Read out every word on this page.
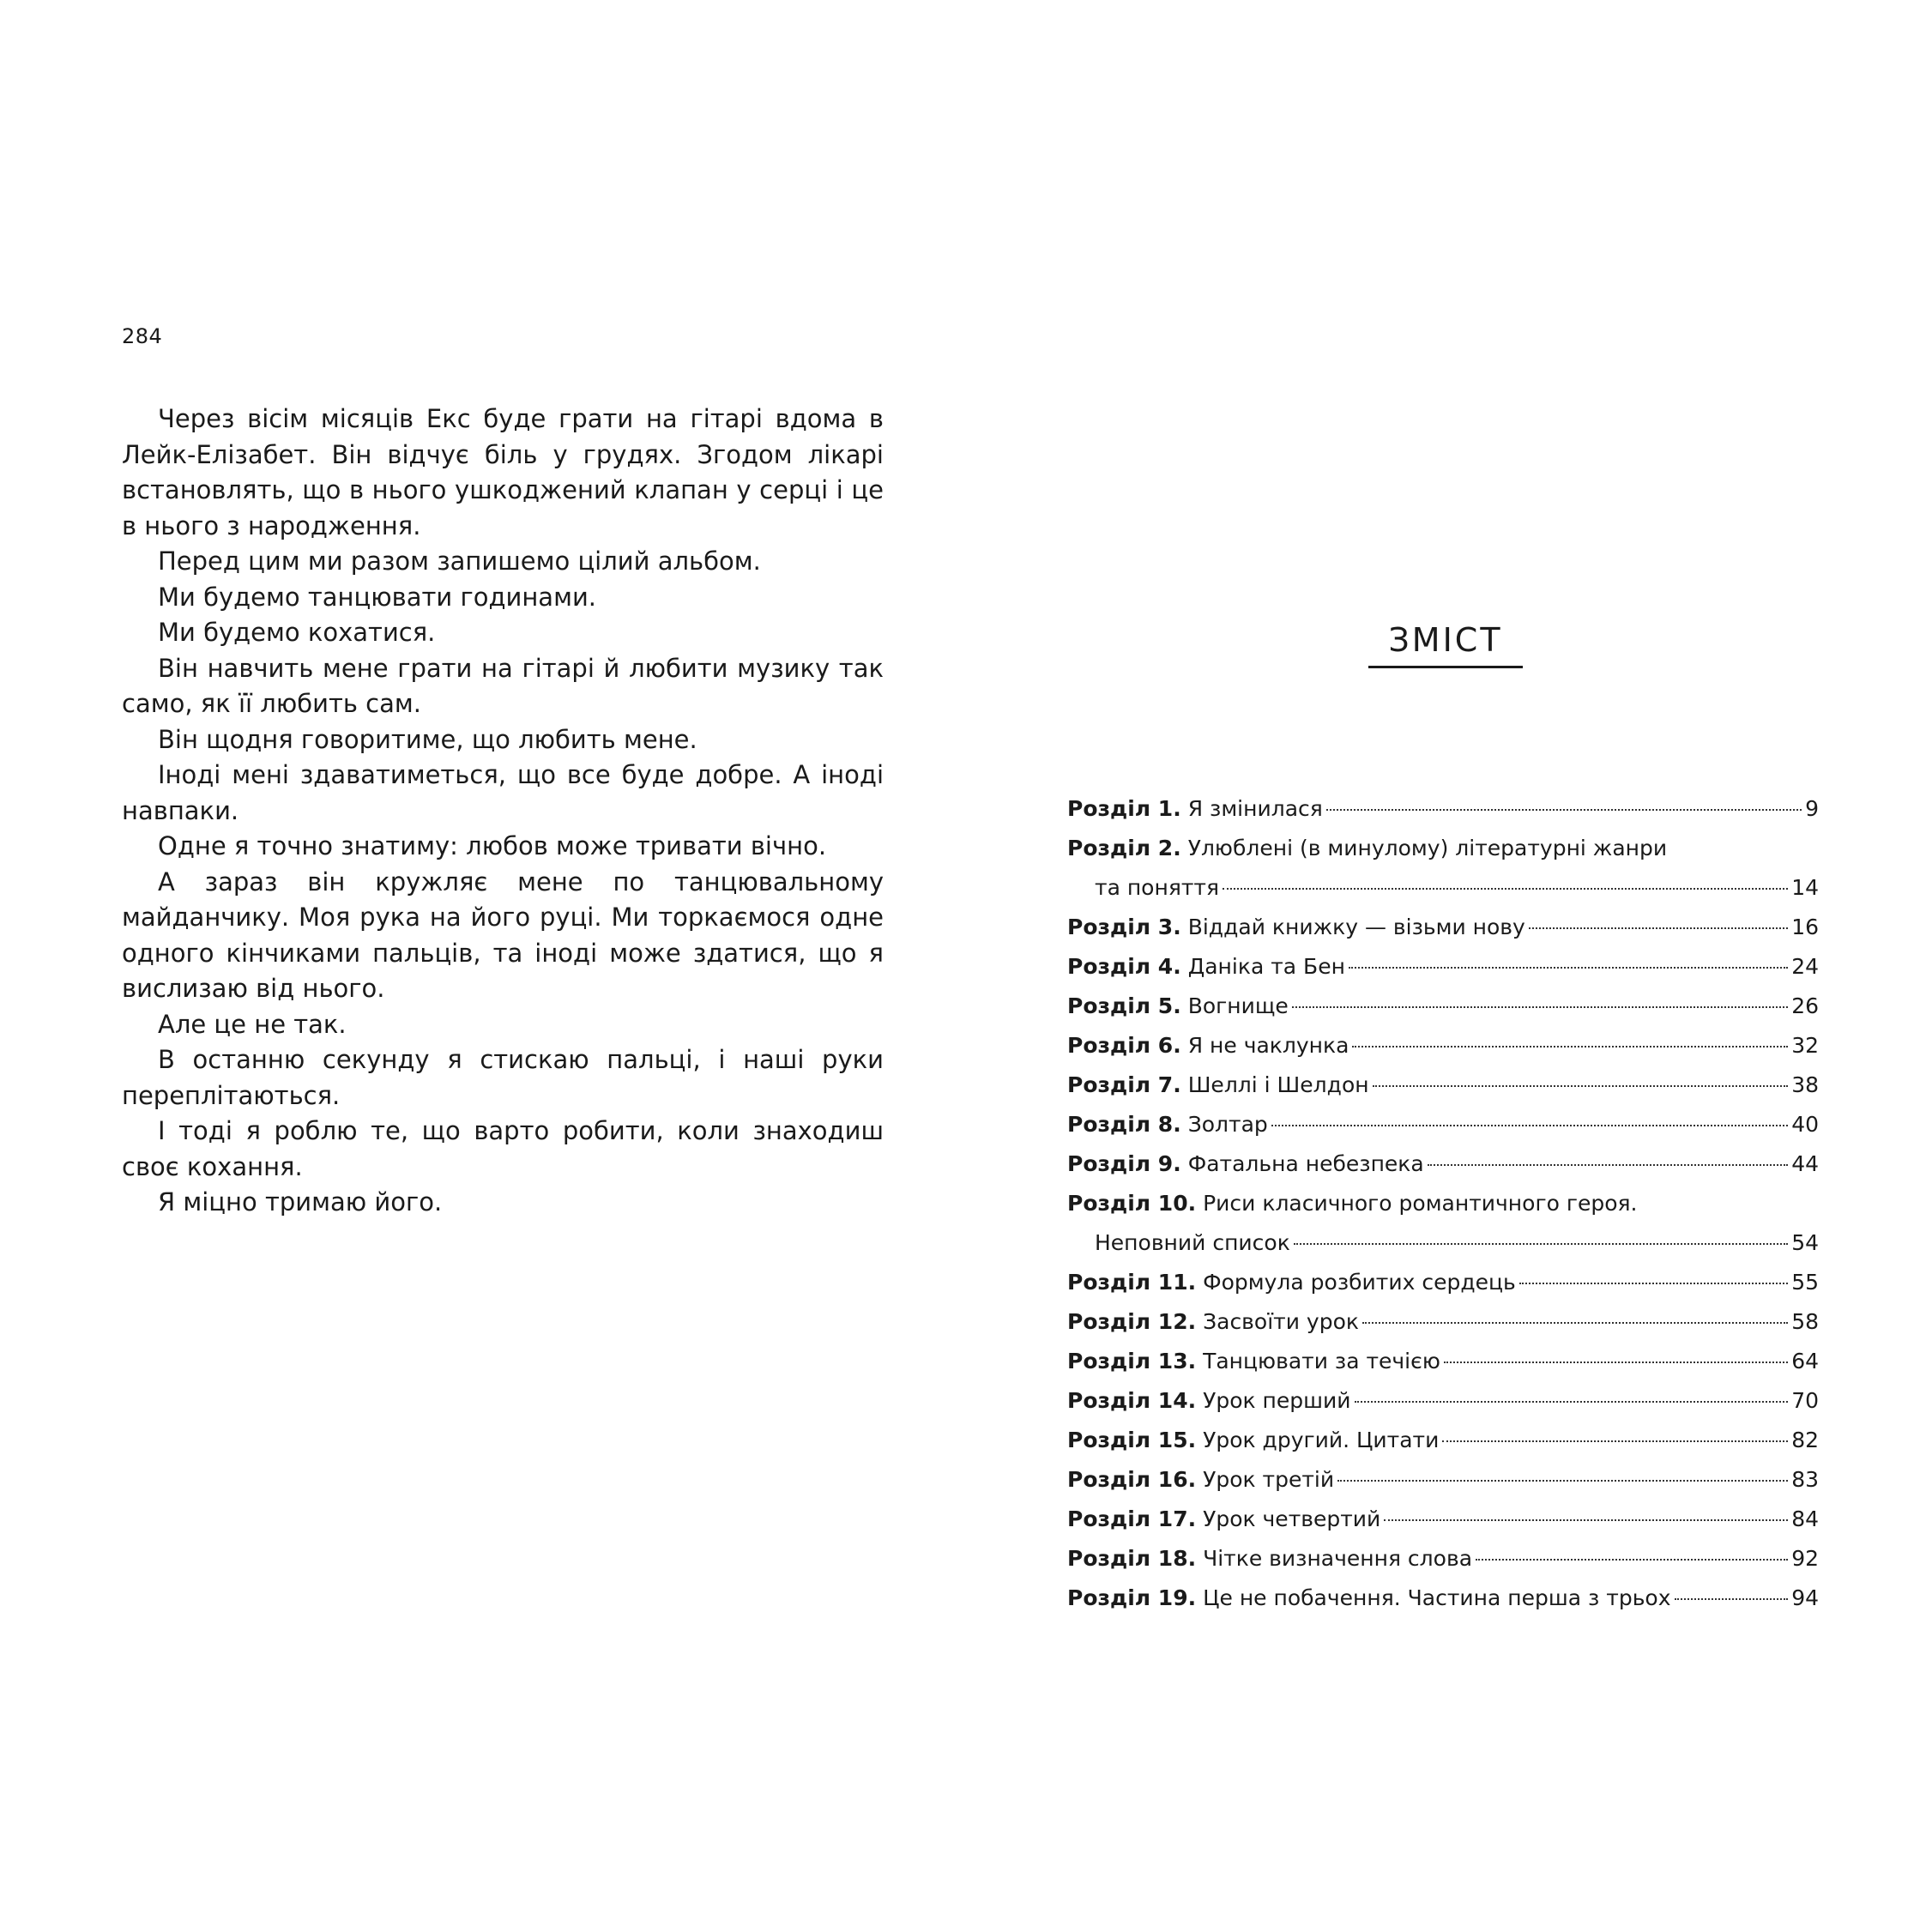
284

Через вісім місяців Екс буде грати на гітарі вдома в Лейк-Елізабет. Він відчує біль у грудях. Згодом лікарі встановлять, що в нього ушкоджений клапан у серці і це в нього з народження.

Перед цим ми разом запишемо цілий альбом.

Ми будемо танцювати годинами.

Ми будемо кохатися.

Він навчить мене грати на гітарі й любити музику так само, як її любить сам.

Він щодня говоритиме, що любить мене.

Іноді мені здаватиметься, що все буде добре. А іноді навпаки.

Одне я точно знатиму: любов може тривати вічно.

А зараз він кружляє мене по танцювальному майданчику. Моя рука на його руці. Ми торкаємося одне одного кінчиками пальців, та іноді може здатися, що я вислизаю від нього.

Але це не так.

В останню секунду я стискаю пальці, і наші руки переплітаються.

І тоді я роблю те, що варто робити, коли знаходиш своє кохання.

Я міцно тримаю його.

ЗМІСТ
Розділ 1. Я змінилася	9
Розділ 2. Улюблені (в минулому) літературні жанри
та поняття	14
Розділ 3. Віддай книжку — візьми нову	16
Розділ 4. Даніка та Бен	24
Розділ 5. Вогнище	26
Розділ 6. Я не чаклунка	32
Розділ 7. Шеллі і Шелдон	38
Розділ 8. Золтар	40
Розділ 9. Фатальна небезпека	44
Розділ 10. Риси класичного романтичного героя.
Неповний список	54
Розділ 11. Формула розбитих сердець	55
Розділ 12. Засвоїти урок	58
Розділ 13. Танцювати за течією	64
Розділ 14. Урок перший	70
Розділ 15. Урок другий. Цитати	82
Розділ 16. Урок третій	83
Розділ 17. Урок четвертий	84
Розділ 18. Чітке визначення слова	92
Розділ 19. Це не побачення. Частина перша з трьох	94
